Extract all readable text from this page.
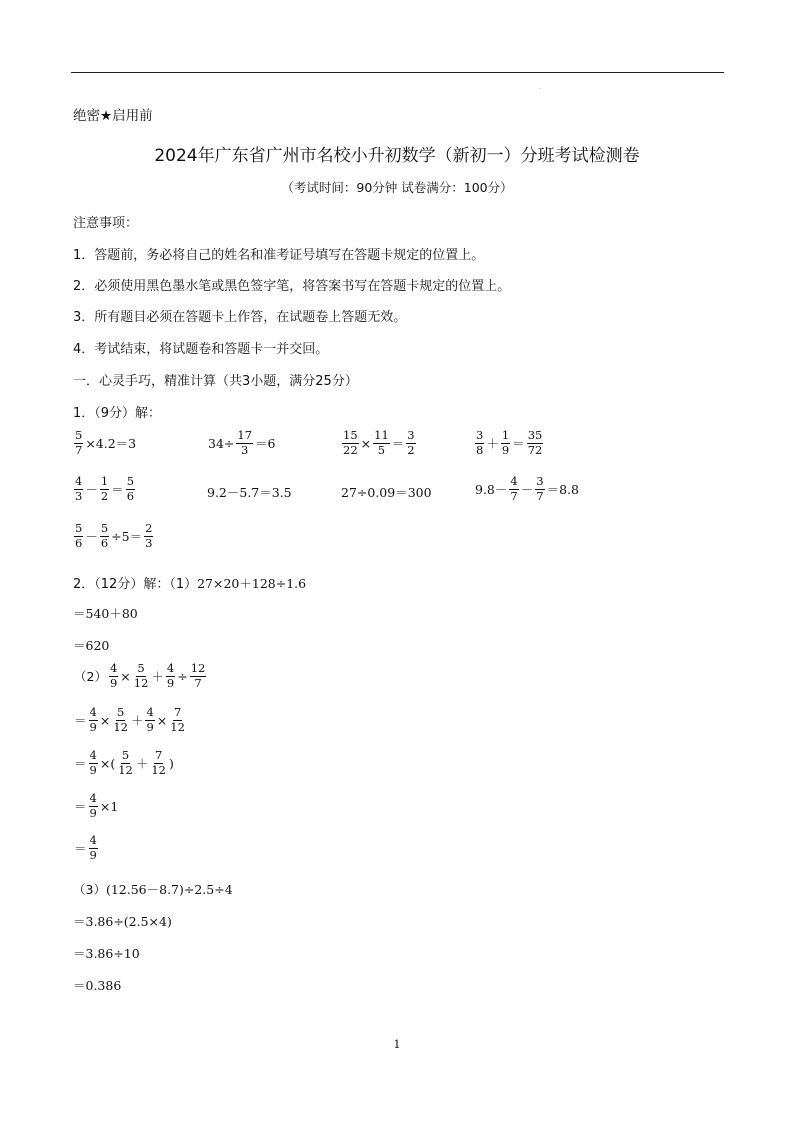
·
绝密★启用前
2024年广东省广州市名校小升初数学（新初一）分班考试检测卷
（考试时间：90分钟 试卷满分：100分）
注意事项：
1．答题前，务必将自己的姓名和准考证号填写在答题卡规定的位置上。
2．必须使用黑色墨水笔或黑色签字笔，将答案书写在答题卡规定的位置上。
3．所有题目必须在答题卡上作答，在试题卷上答题无效。
4．考试结束，将试题卷和答题卡一并交回。
一．心灵手巧，精准计算（共3小题，满分25分）
1．（9分）解：
$\frac{5}{7} \times 4.2=3$	$34\div \frac{17}{3} =6$	$\frac{15}{22} \times \frac{11}{5} = \frac{3}{2}$	$\frac{3}{8} + \frac{1}{9} = \frac{35}{72}$
$\frac{4}{3} - \frac{1}{2} = \frac{5}{6}$	9.2－5.7＝3.5	27÷0.09＝300	$9.8- \frac{4}{7} - \frac{3}{7} =8.8$
$\frac{5}{6} - \frac{5}{6} \div 5= \frac{2}{3}$
2．（12分）解：（1）27×20＋128÷1.6
＝540＋80
＝620
$(2) \frac{4}{9} \times \frac{5}{12} + \frac{4}{9} \div \frac{12}{7}$
＝ $\frac{4}{9} \times \frac{5}{12} + \frac{4}{9} \times \frac{7}{12}$
＝ $\frac{4}{9}$ ×( $\frac{5}{12} + \frac{7}{12}$ )
＝ $\frac{4}{9} \times 1$
＝ $\frac{4}{9}$
（3） (12.56－8.7)÷2.5÷4
＝3.86÷(2.5×4)
＝3.86÷10
＝0.386
1
